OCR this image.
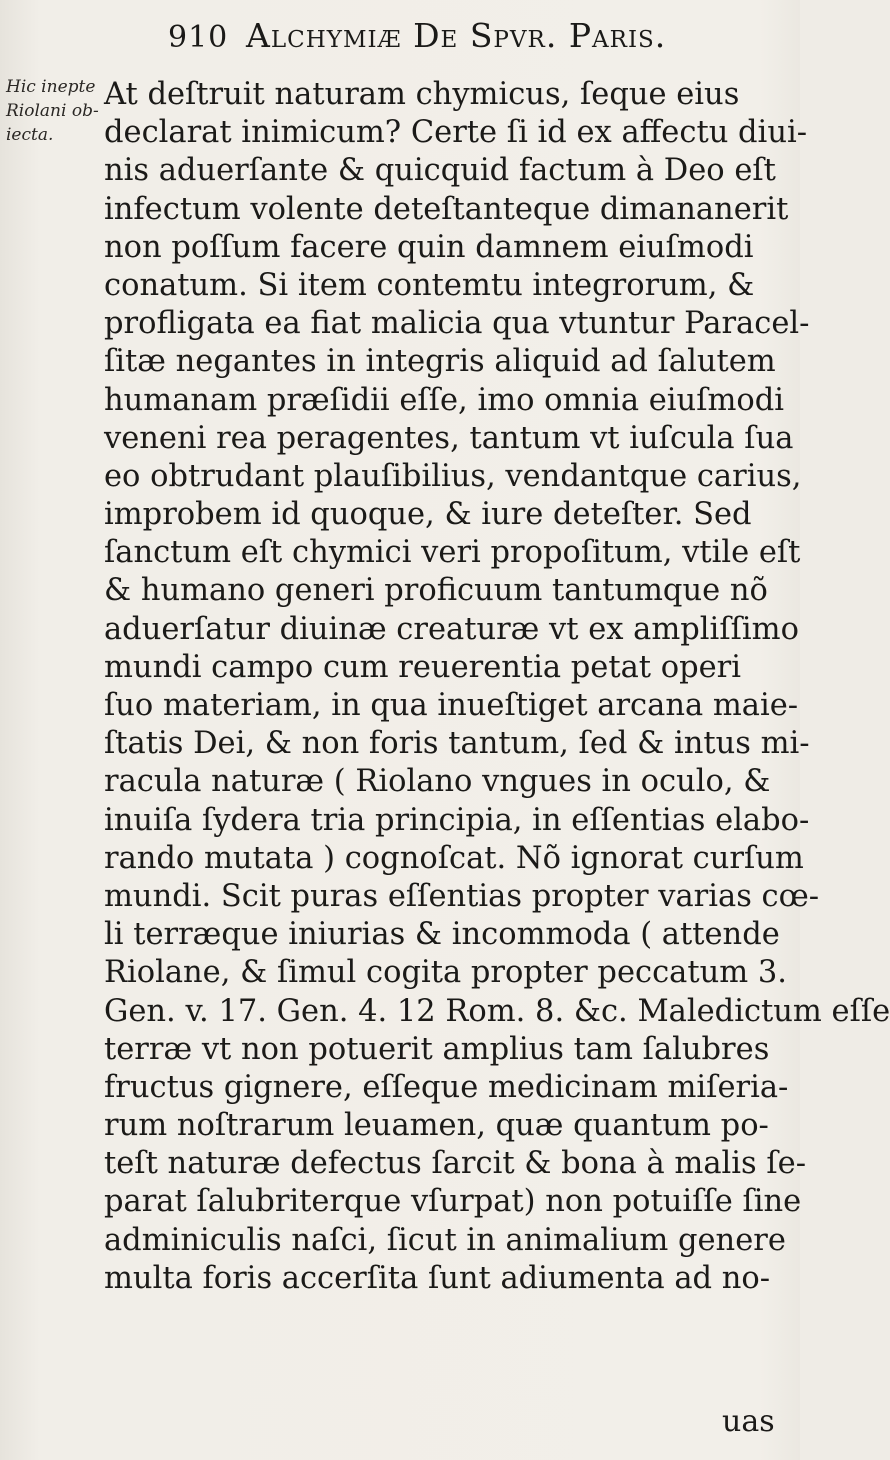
910 Alchymiæ De Spvr. Paris.
Hic inepte
Riolani ob-
iecta.
At deſtruit naturam chymicus, ſeque eius
declarat inimicum? Certe ſi id ex affectu diui-
nis aduerſante & quicquid factum à Deo eſt
infectum volente deteſtanteque dimananerit
non poſſum facere quin damnem eiuſmodi
conatum. Si item contemtu integrorum, &
profligata ea fiat malicia qua vtuntur Paracel-
ſitæ negantes in integris aliquid ad ſalutem
humanam præſidii eſſe, imo omnia eiuſmodi
veneni rea peragentes, tantum vt iuſcula ſua
eo obtrudant plauſibilius, vendantque carius,
improbem id quoque, & iure deteſter. Sed
ſanctum eſt chymici veri propoſitum, vtile eſt
& humano generi proficuum tantumque nõ
aduerſatur diuinæ creaturæ vt ex ampliſſimo
mundi campo cum reuerentia petat operi
ſuo materiam, in qua inueſtiget arcana maie-
ſtatis Dei, & non foris tantum, ſed & intus mi-
racula naturæ ( Riolano vngues in oculo, &
inuiſa ſydera tria principia, in eſſentias elabo-
rando mutata ) cognoſcat. Nõ ignorat curſum
mundi. Scit puras eſſentias propter varias cœ-
li terræque iniurias & incommoda ( attende
Riolane, & ſimul cogita propter peccatum 3.
Gen. v. 17. Gen. 4. 12 Rom. 8. &c. Maledictum eſſe
terræ vt non potuerit amplius tam ſalubres
fructus gignere, eſſeque medicinam miſeria-
rum noſtrarum leuamen, quæ quantum po-
teſt naturæ defectus ſarcit & bona à malis ſe-
parat ſalubriterque vſurpat) non potuiſſe ſine
adminiculis naſci, ſicut in animalium genere
multa foris accerſita ſunt adiumenta ad no-
uas
